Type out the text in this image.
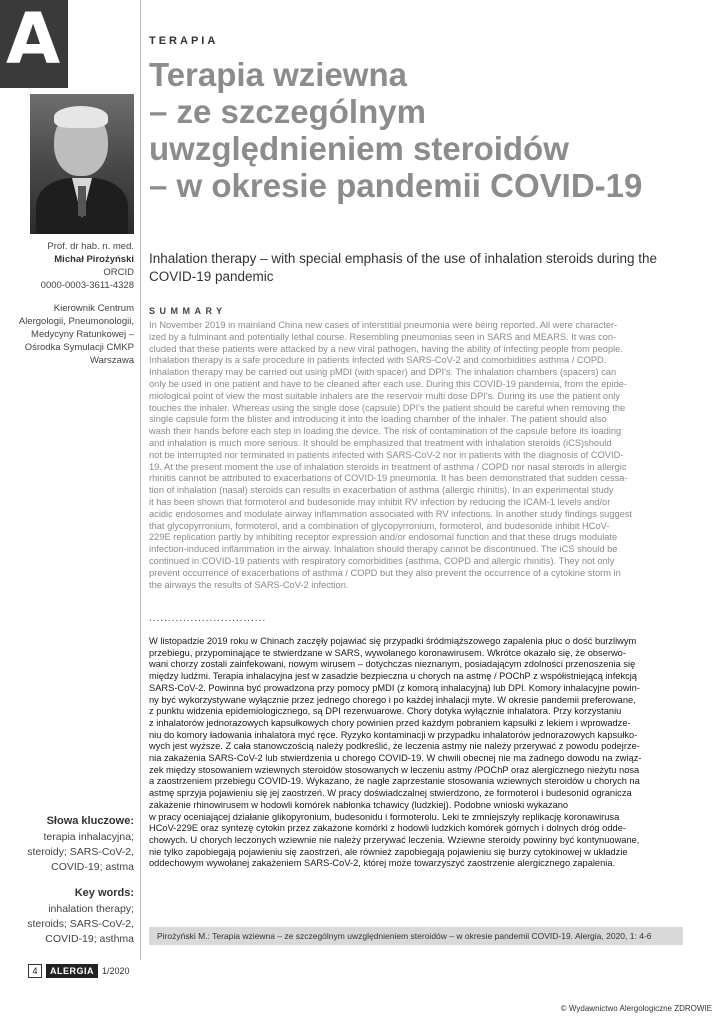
A	TERAPIA
Terapia wziewna
– ze szczególnym
uwzględnieniem steroidów
– w okresie pandemii COVID-19
Inhalation therapy – with special emphasis of the use of inhalation steroids during the COVID-19 pandemic
Prof. dr hab. n. med.
Michał Pirożyński
ORCID
0000-0003-3611-4328
Kierownik Centrum
Alergologii, Pneumonologii,
Medycyny Ratunkowej –
Ośrodka Symulacji CMKP
Warszawa
SUMMARY
In November 2019 in mainland China new cases of interstitial pneumonia were being reported. All were character-
ized by a fulminant and potentially lethal course. Resembling pneumonias seen in SARS and MEARS. It was con-
cluded that these patients were attacked by a new viral pathogen, having the ability of infecting people from people.
Inhalation therapy is a safe procedure in patients infected with SARS-CoV-2 and comorbidities asthma / COPD.
Inhalation therapy may be carried out using pMDI (with spacer) and DPI's. The inhalation chambers (spacers) can
only be used in one patient and have to be cleaned after each use. During this COVID-19 pandemia, from the epide-
miological point of view the most suitable inhalers are the reservoir multi dose DPI's. During its use the patient only
touches the inhaler. Whereas using the single dose (capsule) DPI's the patient should be careful when removing the
single capsule form the blister and introducing it into the loading chamber of the inhaler. The patient should also
wash their hands before each step in loading the device. The risk of contamination of the capsule before its loading
and inhalation is much more serious. It should be emphasized that treatment with inhalation steroids (iCS)should
not be interrupted nor terminated in patients infected with SARS-CoV-2 nor in patients with the diagnosis of COVID-
19. At the present moment the use of inhalation steroids in treatment of asthma / COPD nor nasal steroids in allergic
rhinitis cannot be attributed to exacerbations of COVID-19 pneumonia. It has been demonstrated that sudden cessa-
tion of inhalation (nasal) steroids can results in exacerbation of asthma (allergic rhinitis). In an experimental study
it has been shown that formoterol and budesonide may inhibit RV infection by reducing the ICAM-1 levels and/or
acidic endosomes and modulate airway inflammation associated with RV infections. In another study findings suggest
that glycopyrronium, formoterol, and a combination of glycopyrronium, formoterol, and budesonide inhibit HCoV-
229E replication partly by inhibiting receptor expression and/or endosomal function and that these drugs modulate
infection-induced inflammation in the airway. Inhalation should therapy cannot be discontinued. The iCS should be
continued in COVID-19 patients with respiratory comorbidities (asthma, COPD and allergic rhinitis). They not only
prevent occurrence of exacerbations of asthma / COPD but they also prevent the occurrence of a cytokine storm in
the airways the results of SARS-CoV-2 infection.
...............................
W listopadzie 2019 roku w Chinach zaczęły pojawiać się przypadki śródmiąższowego zapalenia płuc o dość burzliwym
przebiegu, przypominające te stwierdzane w SARS, wywołanego koronawirusem. Wkrótce okazało się, że obserwo-
wani chorzy zostali zainfekowani, nowym wirusem – dotychczas nieznanym, posiadającym zdolności przenoszenia się
między ludźmi. Terapia inhalacyjna jest w zasadzie bezpieczna u chorych na astmę / POChP z współistniejącą infekcją
SARS-CoV-2. Powinna być prowadzona przy pomocy pMDI (z komorą inhalacyjną) lub DPI. Komory inhalacyjne powin-
ny być wykorzystywane wyłącznie przez jednego chorego i po każdej inhalacji myte. W okresie pandemii preferowane,
z punktu widzenia epidemiologicznego, są DPI rezerwuarowe. Chory dotyka wyłącznie inhalatora. Przy korzystaniu
z inhalatorów jednorazowych kapsułkowych chory powinien przed każdym pobraniem kapsułki z lekiem i wprowadze-
niu do komory ładowania inhalatora myć ręce. Ryzyko kontaminacji w przypadku inhalatorów jednorazowych kapsułko-
wych jest wyższe. Z cała stanowczością należy podkreślić, że leczenia astmy nie należy przerywać z powodu podejrze-
nia zakażenia SARS-CoV-2 lub stwierdzenia u chorego COVID-19. W chwili obecnej nie ma żadnego dowodu na związ-
zek między stosowaniem wziewnych steroidów stosowanych w leczeniu astmy /POChP oraz alergicznego nieżytu nosa
a zaostrzeniem przebiegu COVID-19. Wykazano, że nagłe zaprzestanie stosowania wziewnych steroidów u chorych na
astmę sprzyja pojawieniu się jej zaostrzeń. W pracy doświadczalnej stwierdzono, że formoterol i budesonid ogranicza
zakażenie rhinowirusem w hodowli komórek nabłonka tchawicy (ludzkiej). Podobne wnioski wykazano
w pracy oceniającej działanie glikopyronium, budesonidu i formoterolu. Leki te zmniejszyły replikację koronawirusa
HCoV-229E oraz syntezę cytokin przez zakażone komórki z hodowli ludzkich komórek górnych i dolnych dróg odde-
chowych. U chorych leczonych wziewnie nie należy przerywać leczenia. Wziewne steroidy powinny być kontynuowane,
nie tylko zapobiegają pojawieniu się zaostrzeń, ale również zapobiegają pojawieniu się burzy cytokinowej w układzie
oddechowym wywołanej zakażeniem SARS-CoV-2, której może towarzyszyć zaostrzenie alergicznego zapalenia.
Słowa kluczowe:
terapia inhalacyjna;
steroidy; SARS-CoV-2,
COVID-19; astma
Key words:
inhalation therapy;
steroids; SARS-CoV-2,
COVID-19; asthma	Pirożyński M.: Terapia wziewna – ze szczególnym uwzględnieniem steroidów – w okresie pandemii COVID-19. Alergia, 2020, 1: 4-6
4	ALERGIA 1/2020
© Wydawnictwo Alergologiczne ZDROWIE
